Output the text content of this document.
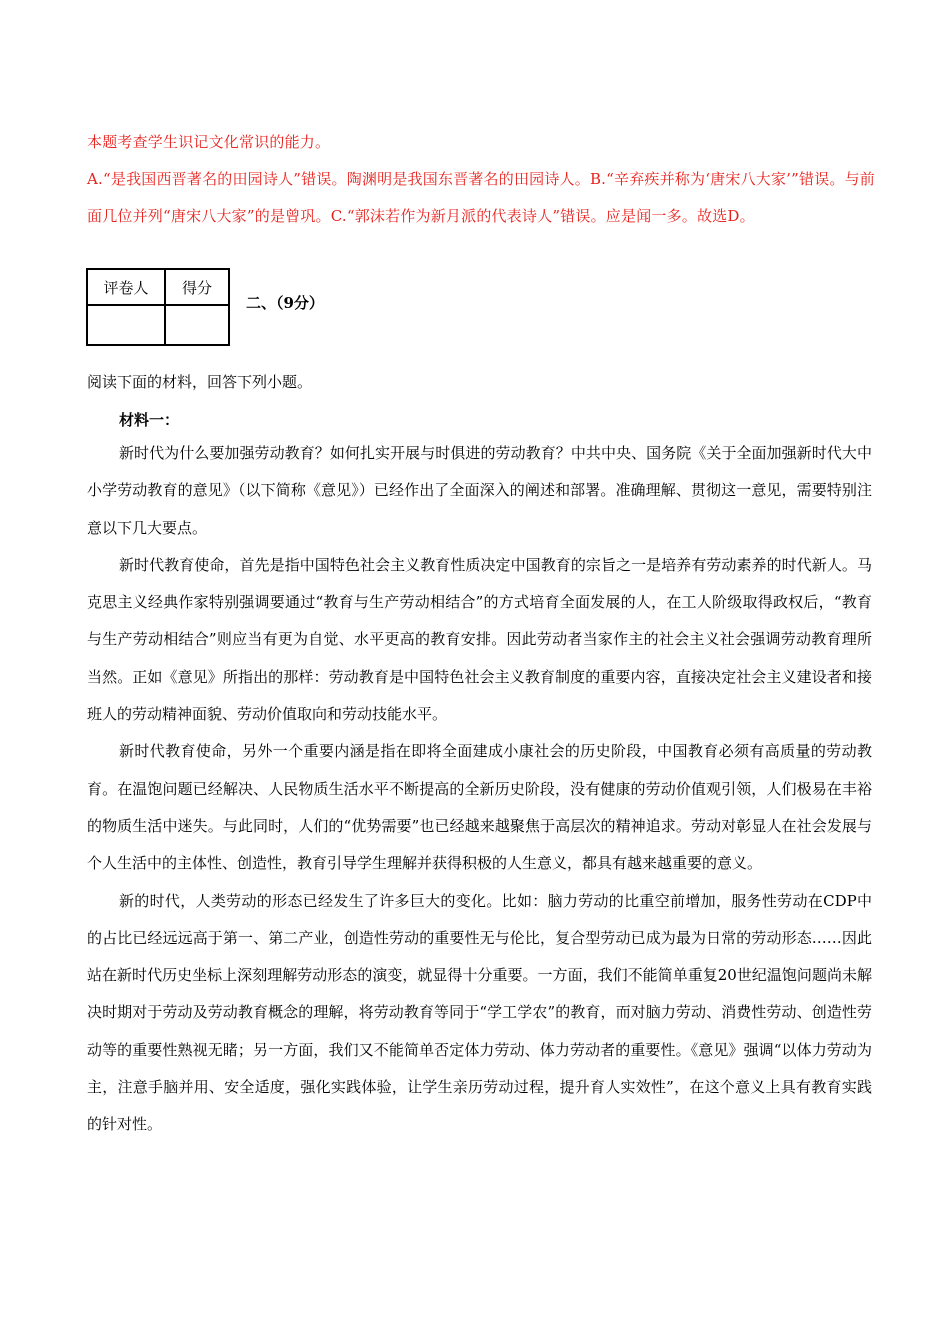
本题考查学生识记文化常识的能力。

A.“是我国西晋著名的田园诗人”错误。陶渊明是我国东晋著名的田园诗人。B.“辛弃疾并称为‘唐宋八大家’”错误。与前面几位并列“唐宋八大家”的是曾巩。C.“郭沫若作为新月派的代表诗人”错误。应是闻一多。故选D。

评卷人	得分

二、（9分）

阅读下面的材料，回答下列小题。

材料一：

新时代为什么要加强劳动教育？如何扎实开展与时俱进的劳动教育？中共中央、国务院《关于全面加强新时代大中小学劳动教育的意见》（以下简称《意见》）已经作出了全面深入的阐述和部署。准确理解、贯彻这一意见，需要特别注意以下几大要点。

新时代教育使命，首先是指中国特色社会主义教育性质决定中国教育的宗旨之一是培养有劳动素养的时代新人。马克思主义经典作家特别强调要通过“教育与生产劳动相结合”的方式培育全面发展的人，在工人阶级取得政权后，“教育与生产劳动相结合”则应当有更为自觉、水平更高的教育安排。因此劳动者当家作主的社会主义社会强调劳动教育理所当然。正如《意见》所指出的那样：劳动教育是中国特色社会主义教育制度的重要内容，直接决定社会主义建设者和接班人的劳动精神面貌、劳动价值取向和劳动技能水平。

新时代教育使命，另外一个重要内涵是指在即将全面建成小康社会的历史阶段，中国教育必须有高质量的劳动教育。在温饱问题已经解决、人民物质生活水平不断提高的全新历史阶段，没有健康的劳动价值观引领，人们极易在丰裕的物质生活中迷失。与此同时，人们的“优势需要”也已经越来越聚焦于高层次的精神追求。劳动对彰显人在社会发展与个人生活中的主体性、创造性，教育引导学生理解并获得积极的人生意义，都具有越来越重要的意义。

新的时代，人类劳动的形态已经发生了许多巨大的变化。比如：脑力劳动的比重空前增加，服务性劳动在CDP中的占比已经远远高于第一、第二产业，创造性劳动的重要性无与伦比，复合型劳动已成为最为日常的劳动形态……因此站在新时代历史坐标上深刻理解劳动形态的演变，就显得十分重要。一方面，我们不能简单重复20世纪温饱问题尚未解决时期对于劳动及劳动教育概念的理解，将劳动教育等同于“学工学农”的教育，而对脑力劳动、消费性劳动、创造性劳动等的重要性熟视无睹；另一方面，我们又不能简单否定体力劳动、体力劳动者的重要性。《意见》强调“以体力劳动为主，注意手脑并用、安全适度，强化实践体验，让学生亲历劳动过程，提升育人实效性”，在这个意义上具有教育实践的针对性。
